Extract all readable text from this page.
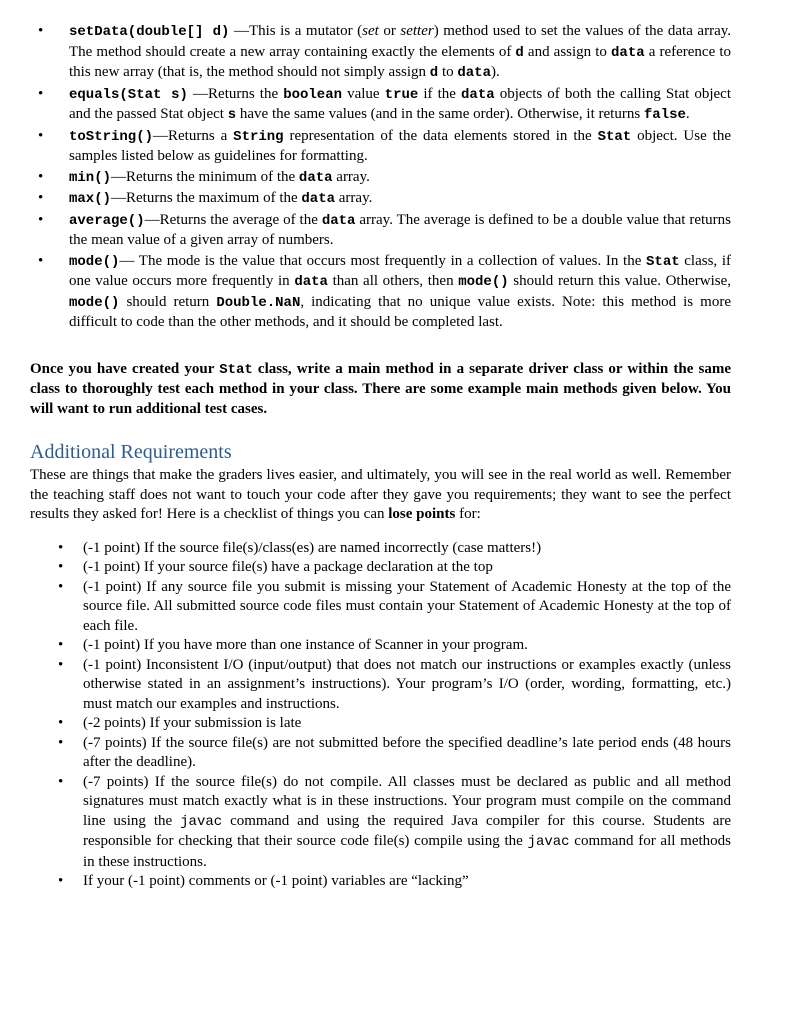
• setData(double[] d) —This is a mutator (set or setter) method used to set the values of the data array. The method should create a new array containing exactly the elements of d and assign to data a reference to this new array (that is, the method should not simply assign d to data).
• equals(Stat s) —Returns the boolean value true if the data objects of both the calling Stat object and the passed Stat object s have the same values (and in the same order). Otherwise, it returns false.
• toString()—Returns a String representation of the data elements stored in the Stat object. Use the samples listed below as guidelines for formatting.
• min()—Returns the minimum of the data array.
• max()—Returns the maximum of the data array.
• average()—Returns the average of the data array. The average is defined to be a double value that returns the mean value of a given array of numbers.
• mode()— The mode is the value that occurs most frequently in a collection of values. In the Stat class, if one value occurs more frequently in data than all others, then mode() should return this value. Otherwise, mode() should return Double.NaN, indicating that no unique value exists. Note: this method is more difficult to code than the other methods, and it should be completed last.

Once you have created your Stat class, write a main method in a separate driver class or within the same class to thoroughly test each method in your class. There are some example main methods given below. You will want to run additional test cases.

Additional Requirements

These are things that make the graders lives easier, and ultimately, you will see in the real world as well. Remember the teaching staff does not want to touch your code after they gave you requirements; they want to see the perfect results they asked for! Here is a checklist of things you can lose points for:

• (-1 point) If the source file(s)/class(es) are named incorrectly (case matters!)
• (-1 point) If your source file(s) have a package declaration at the top
• (-1 point) If any source file you submit is missing your Statement of Academic Honesty at the top of the source file. All submitted source code files must contain your Statement of Academic Honesty at the top of each file.
• (-1 point) If you have more than one instance of Scanner in your program.
• (-1 point) Inconsistent I/O (input/output) that does not match our instructions or examples exactly (unless otherwise stated in an assignment’s instructions). Your program’s I/O (order, wording, formatting, etc.) must match our examples and instructions.
• (-2 points) If your submission is late
• (-7 points) If the source file(s) are not submitted before the specified deadline’s late period ends (48 hours after the deadline).
• (-7 points) If the source file(s) do not compile. All classes must be declared as public and all method signatures must match exactly what is in these instructions. Your program must compile on the command line using the javac command and using the required Java compiler for this course. Students are responsible for checking that their source code file(s) compile using the javac command for all methods in these instructions.
• If your (-1 point) comments or (-1 point) variables are “lacking”
